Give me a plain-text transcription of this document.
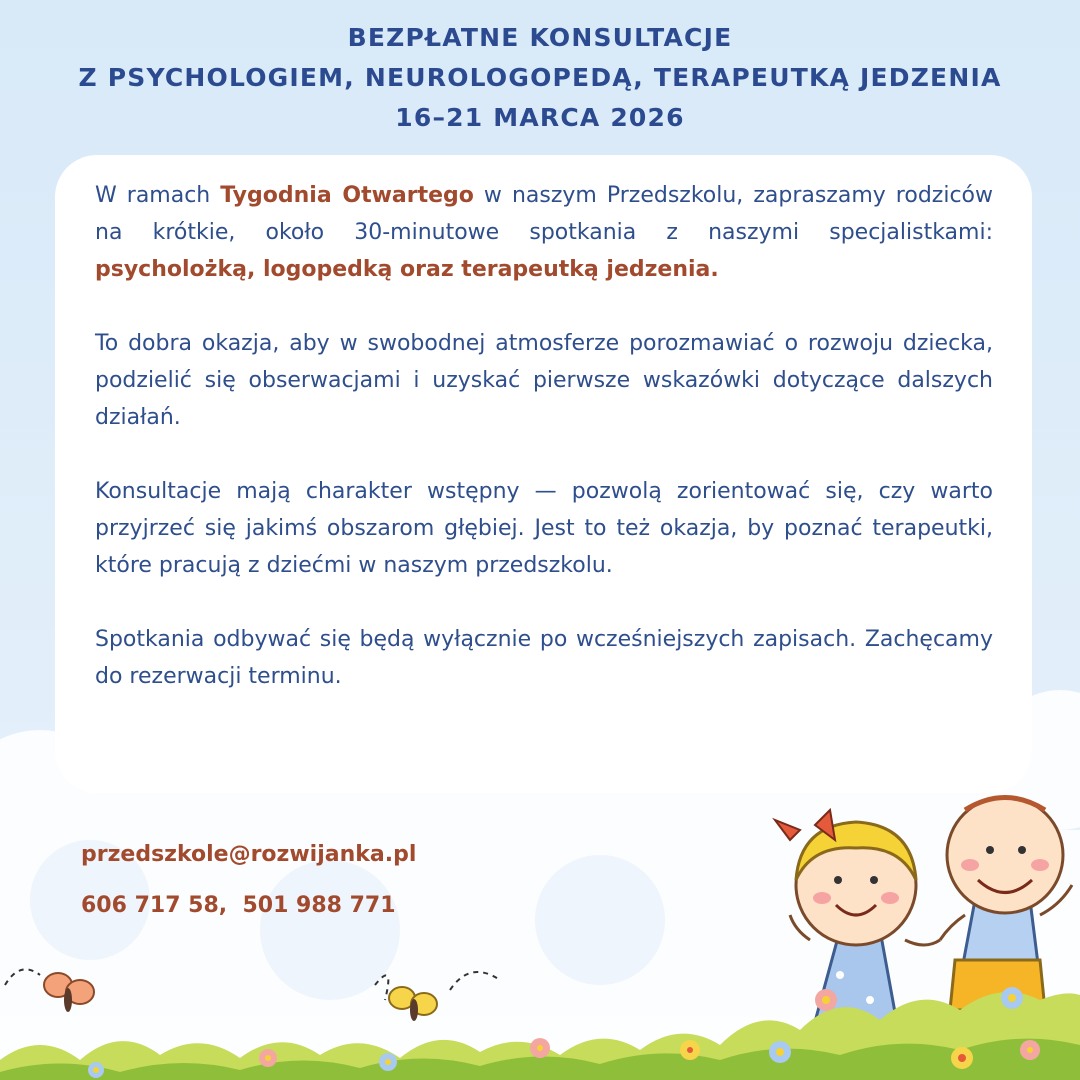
BEZPŁATNE KONSULTACJE
Z PSYCHOLOGIEM, NEUROLOGOPEDĄ, TERAPEUTKĄ JEDZENIA
16–21 MARCA 2026

W ramach Tygodnia Otwartego w naszym Przedszkolu, zapraszamy rodziców na krótkie, około 30-minutowe spotkania z naszymi specjalistkami: psycholożką, logopedką oraz terapeutką jedzenia.

To dobra okazja, aby w swobodnej atmosferze porozmawiać o rozwoju dziecka, podzielić się obserwacjami i uzyskać pierwsze wskazówki dotyczące dalszych działań.

Konsultacje mają charakter wstępny — pozwolą zorientować się, czy warto przyjrzeć się jakimś obszarom głębiej. Jest to też okazja, by poznać terapeutki, które pracują z dziećmi w naszym przedszkolu.

Spotkania odbywać się będą wyłącznie po wcześniejszych zapisach. Zachęcamy do rezerwacji terminu.

przedszkole@rozwijanka.pl
606 717 58,  501 988 771
